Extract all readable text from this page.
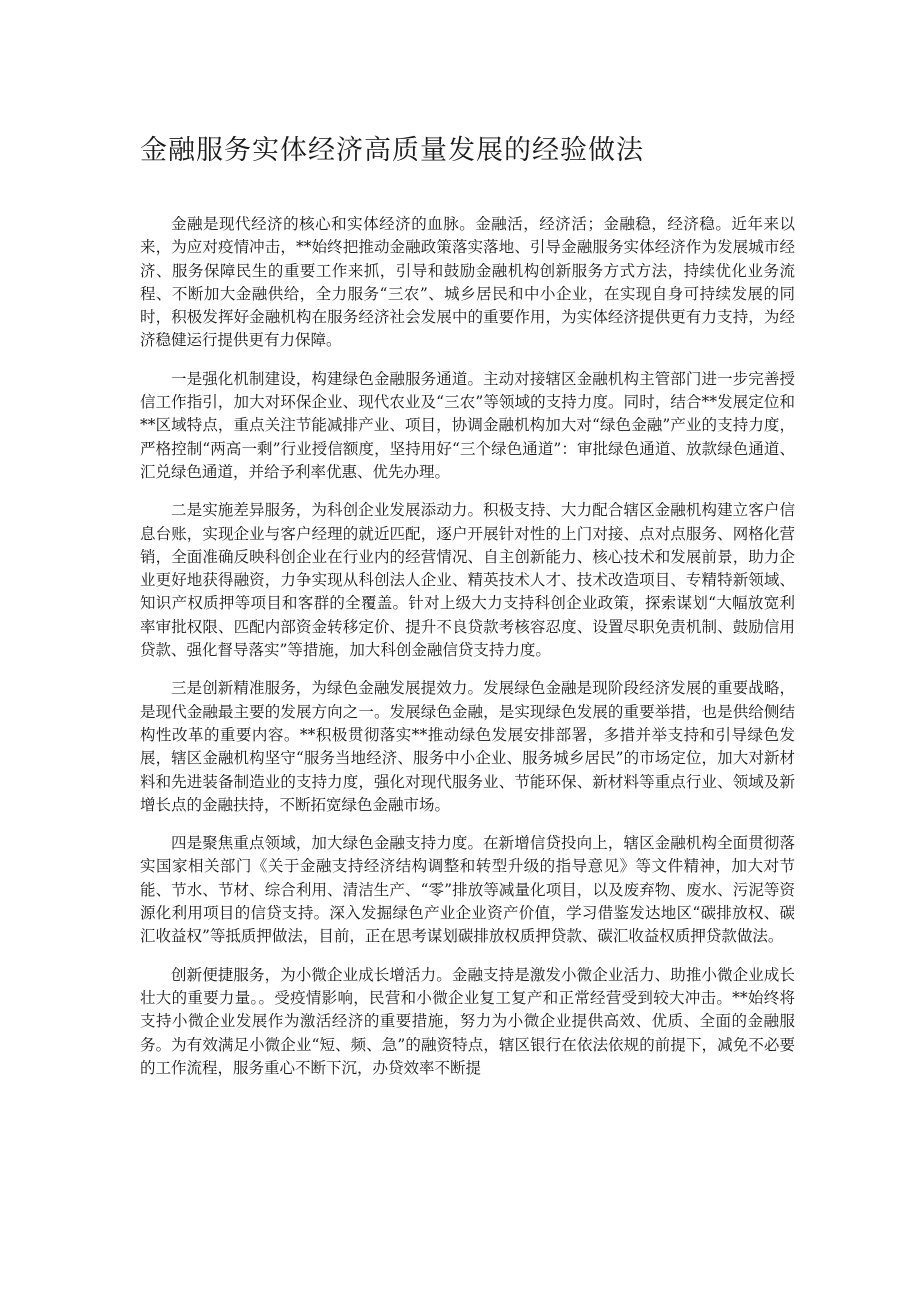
金融服务实体经济高质量发展的经验做法

金融是现代经济的核心和实体经济的血脉。金融活，经济活；金融稳，经济稳。近年来以来，为应对疫情冲击，**始终把推动金融政策落实落地、引导金融服务实体经济作为发展城市经济、服务保障民生的重要工作来抓，引导和鼓励金融机构创新服务方式方法，持续优化业务流程、不断加大金融供给，全力服务“三农”、城乡居民和中小企业，在实现自身可持续发展的同时，积极发挥好金融机构在服务经济社会发展中的重要作用，为实体经济提供更有力支持，为经济稳健运行提供更有力保障。

一是强化机制建设，构建绿色金融服务通道。主动对接辖区金融机构主管部门进一步完善授信工作指引，加大对环保企业、现代农业及“三农”等领域的支持力度。同时，结合**发展定位和**区域特点，重点关注节能减排产业、项目，协调金融机构加大对“绿色金融”产业的支持力度，严格控制“两高一剩”行业授信额度，坚持用好“三个绿色通道”：审批绿色通道、放款绿色通道、汇兑绿色通道，并给予利率优惠、优先办理。

二是实施差异服务，为科创企业发展添动力。积极支持、大力配合辖区金融机构建立客户信息台账，实现企业与客户经理的就近匹配，逐户开展针对性的上门对接、点对点服务、网格化营销，全面准确反映科创企业在行业内的经营情况、自主创新能力、核心技术和发展前景，助力企业更好地获得融资，力争实现从科创法人企业、精英技术人才、技术改造项目、专精特新领域、知识产权质押等项目和客群的全覆盖。针对上级大力支持科创企业政策，探索谋划“大幅放宽利率审批权限、匹配内部资金转移定价、提升不良贷款考核容忍度、设置尽职免责机制、鼓励信用贷款、强化督导落实”等措施，加大科创金融信贷支持力度。

三是创新精准服务，为绿色金融发展提效力。发展绿色金融是现阶段经济发展的重要战略，是现代金融最主要的发展方向之一。发展绿色金融，是实现绿色发展的重要举措，也是供给侧结构性改革的重要内容。**积极贯彻落实**推动绿色发展安排部署，多措并举支持和引导绿色发展，辖区金融机构坚守“服务当地经济、服务中小企业、服务城乡居民”的市场定位，加大对新材料和先进装备制造业的支持力度，强化对现代服务业、节能环保、新材料等重点行业、领域及新增长点的金融扶持，不断拓宽绿色金融市场。

四是聚焦重点领域，加大绿色金融支持力度。在新增信贷投向上，辖区金融机构全面贯彻落实国家相关部门《关于金融支持经济结构调整和转型升级的指导意见》等文件精神，加大对节能、节水、节材、综合利用、清洁生产、“零”排放等减量化项目，以及废弃物、废水、污泥等资源化利用项目的信贷支持。深入发掘绿色产业企业资产价值，学习借鉴发达地区“碳排放权、碳汇收益权”等抵质押做法，目前，正在思考谋划碳排放权质押贷款、碳汇收益权质押贷款做法。

创新便捷服务，为小微企业成长增活力。金融支持是激发小微企业活力、助推小微企业成长壮大的重要力量。。受疫情影响，民营和小微企业复工复产和正常经营受到较大冲击。**始终将支持小微企业发展作为激活经济的重要措施，努力为小微企业提供高效、优质、全面的金融服务。为有效满足小微企业“短、频、急”的融资特点，辖区银行在依法依规的前提下，减免不必要的工作流程，服务重心不断下沉，办贷效率不断提
